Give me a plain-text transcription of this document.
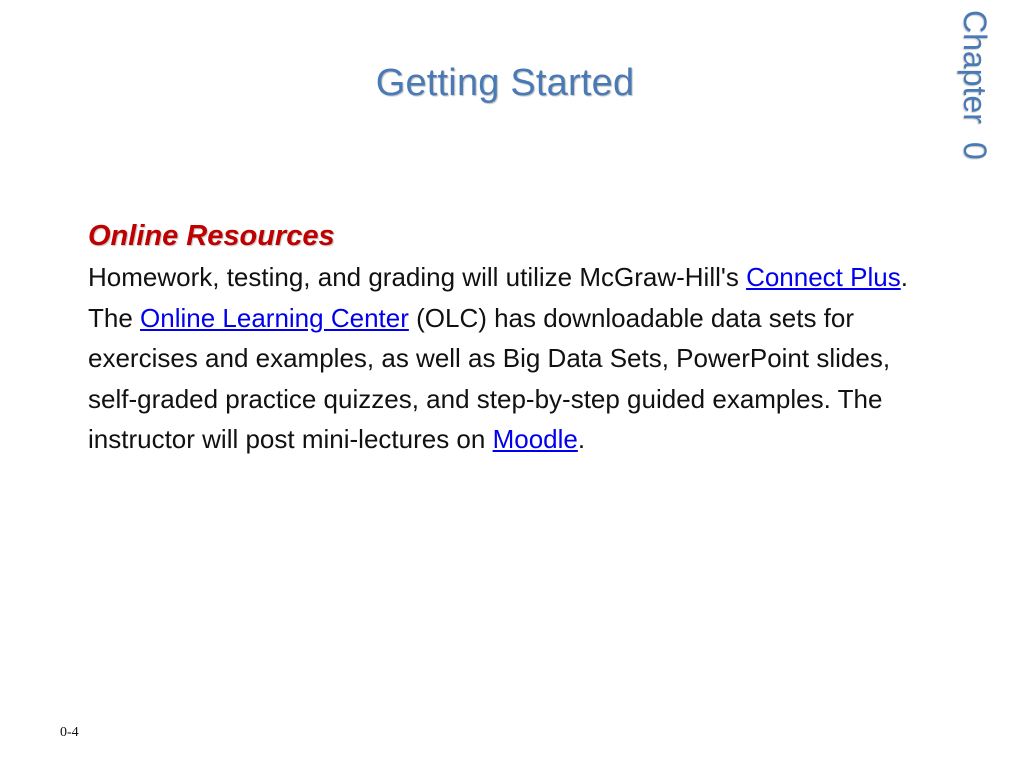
Getting Started	Chapter0
Online Resources
Homework, testing, and grading will utilize McGraw-Hill's Connect Plus. The Online Learning Center (OLC) has downloadable data sets for exercises and examples, as well as Big Data Sets, PowerPoint slides, self-graded practice quizzes, and step-by-step guided examples. The instructor will post mini-lectures on Moodle.
0-4
